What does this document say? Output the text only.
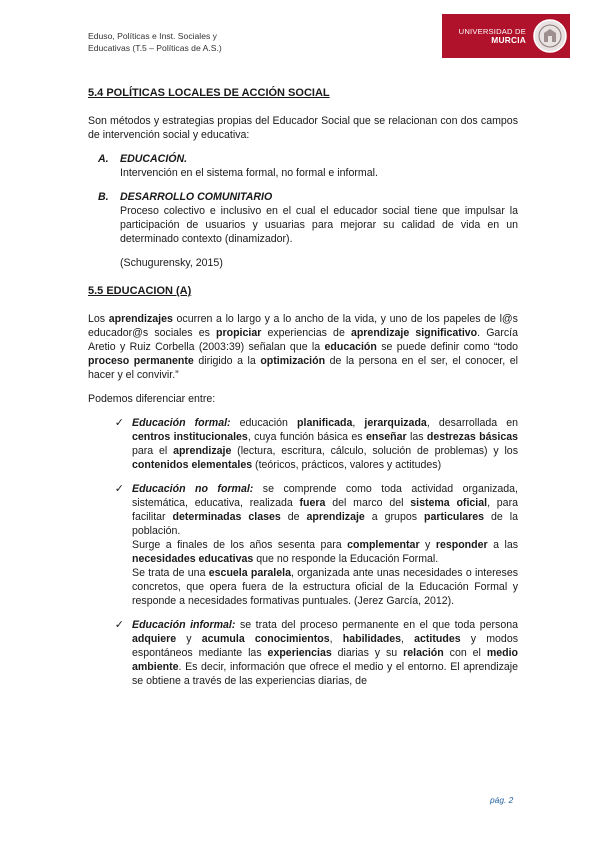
Eduso, Políticas e Inst. Sociales y
Educativas (T.5 – Políticas de A.S.)
UNIVERSIDAD DE
MURCIA
5.4 POLÍTICAS LOCALES DE ACCIÓN SOCIAL

Son métodos y estrategias propias del Educador Social que se relacionan con dos campos de intervención social y educativa:

A.	EDUCACIÓN.
Intervención en el sistema formal, no formal e informal.
B.	DESARROLLO COMUNITARIO
Proceso colectivo e inclusivo en el cual el educador social tiene que impulsar la participación de usuarios y usuarias para mejorar su calidad de vida en un determinado contexto (dinamizador).

(Schugurensky, 2015)

5.5 EDUCACION (A)

Los aprendizajes ocurren a lo largo y a lo ancho de la vida, y uno de los papeles de l@s educador@s sociales es propiciar experiencias de aprendizaje significativo. García Aretio y Ruiz Corbella (2003:39) señalan que la educación se puede definir como “todo proceso permanente dirigido a la optimización de la persona en el ser, el conocer, el hacer y el convivir.”

Podemos diferenciar entre:

✓ Educación formal: educación planificada, jerarquizada, desarrollada en centros institucionales, cuya función básica es enseñar las destrezas básicas para el aprendizaje (lectura, escritura, cálculo, solución de problemas) y los contenidos elementales (teóricos, prácticos, valores y actitudes)

✓ Educación no formal: se comprende como toda actividad organizada, sistemática, educativa, realizada fuera del marco del sistema oficial, para facilitar determinadas clases de aprendizaje a grupos particulares de la población.

Surge a finales de los años sesenta para complementar y responder a las necesidades educativas que no responde la Educación Formal.

Se trata de una escuela paralela, organizada ante unas necesidades o intereses concretos, que opera fuera de la estructura oficial de la Educación Formal y responde a necesidades formativas puntuales. (Jerez García, 2012).

✓ Educación informal: se trata del proceso permanente en el que toda persona adquiere y acumula conocimientos, habilidades, actitudes y modos espontáneos mediante las experiencias diarias y su relación con el medio ambiente. Es decir, información que ofrece el medio y el entorno. El aprendizaje se obtiene a través de las experiencias diarias, de

pág. 2
